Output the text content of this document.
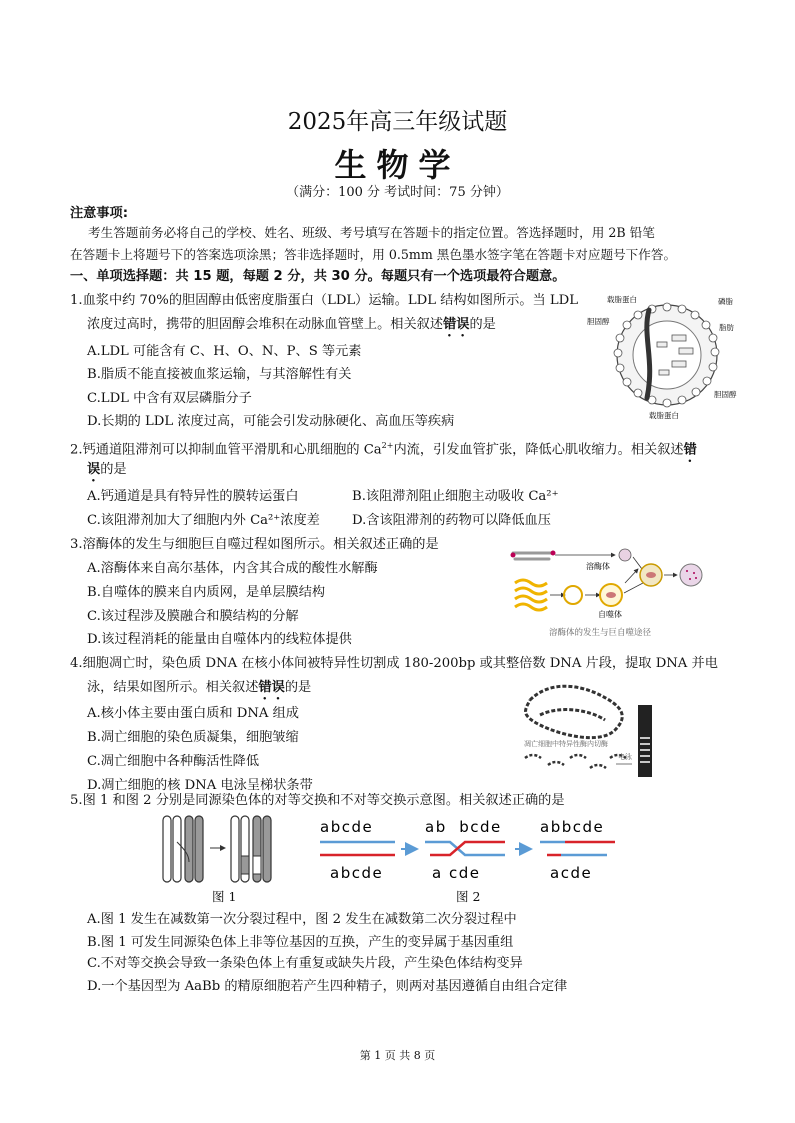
2025年高三年级试题
生物学
（满分：100 分 考试时间：75 分钟）
注意事项:
考生答题前务必将自己的学校、姓名、班级、考号填写在答题卡的指定位置。答选择题时，用 2B 铅笔
在答题卡上将题号下的答案选项涂黑；答非选择题时，用 0.5mm 黑色墨水签字笔在答题卡对应题号下作答。
一、单项选择题：共 15 题，每题 2 分，共 30 分。每题只有一个选项最符合题意。
1.血浆中约 70%的胆固醇由低密度脂蛋白（LDL）运输。LDL 结构如图所示。当 LDL
浓度过高时，携带的胆固醇会堆积在动脉血管壁上。相关叙述错误的是
A.LDL 可能含有 C、H、O、N、P、S 等元素
B.脂质不能直接被血浆运输，与其溶解性有关
C.LDL 中含有双层磷脂分子
D.长期的 LDL 浓度过高，可能会引发动脉硬化、高血压等疾病
载脂蛋白
胆固醇
磷脂
脂肪
胆固醇
载脂蛋白
2.钙通道阻滞剂可以抑制血管平滑肌和心肌细胞的 $Ca^{2+}$内流，引发血管扩张，降低心肌收缩力。相关叙述错
误的是
A.钙通道是具有特异性的膜转运蛋白	B.该阻滞剂阻止细胞主动吸收 Ca²⁺
C.该阻滞剂加大了细胞内外 Ca²⁺浓度差 D.含该阻滞剂的药物可以降低血压
3.溶酶体的发生与细胞巨自噬过程如图所示。相关叙述正确的是
A.溶酶体来自高尔基体，内含其合成的酸性水解酶
B.自噬体的膜来自内质网，是单层膜结构
C.该过程涉及膜融合和膜结构的分解
D.该过程消耗的能量由自噬体内的线粒体提供
溶酶体
自噬体
溶酶体的发生与巨自噬途径
4.细胞凋亡时，染色质 DNA 在核小体间被特异性切割成 180-200bp 或其整倍数 DNA 片段，提取 DNA 并电
泳，结果如图所示。相关叙述错误的是
A.核小体主要由蛋白质和 DNA 组成
B.凋亡细胞的染色质凝集，细胞皱缩
C.凋亡细胞中各种酶活性降低
D.凋亡细胞的核 DNA 电泳呈梯状条带
凋亡细胞中特异性酶内切酶
电泳
5.图 1 和图 2 分别是同源染色体的对等交换和不对等交换示意图。相关叙述正确的是
图 1
abcde
abcde
ab  bcde
a cde
abbcde
acde
图 2
A.图 1 发生在减数第一次分裂过程中，图 2 发生在减数第二次分裂过程中
B.图 1 可发生同源染色体上非等位基因的互换，产生的变异属于基因重组
C.不对等交换会导致一条染色体上有重复或缺失片段，产生染色体结构变异
D.一个基因型为 AaBb 的精原细胞若产生四种精子，则两对基因遵循自由组合定律
第 1 页 共 8 页
